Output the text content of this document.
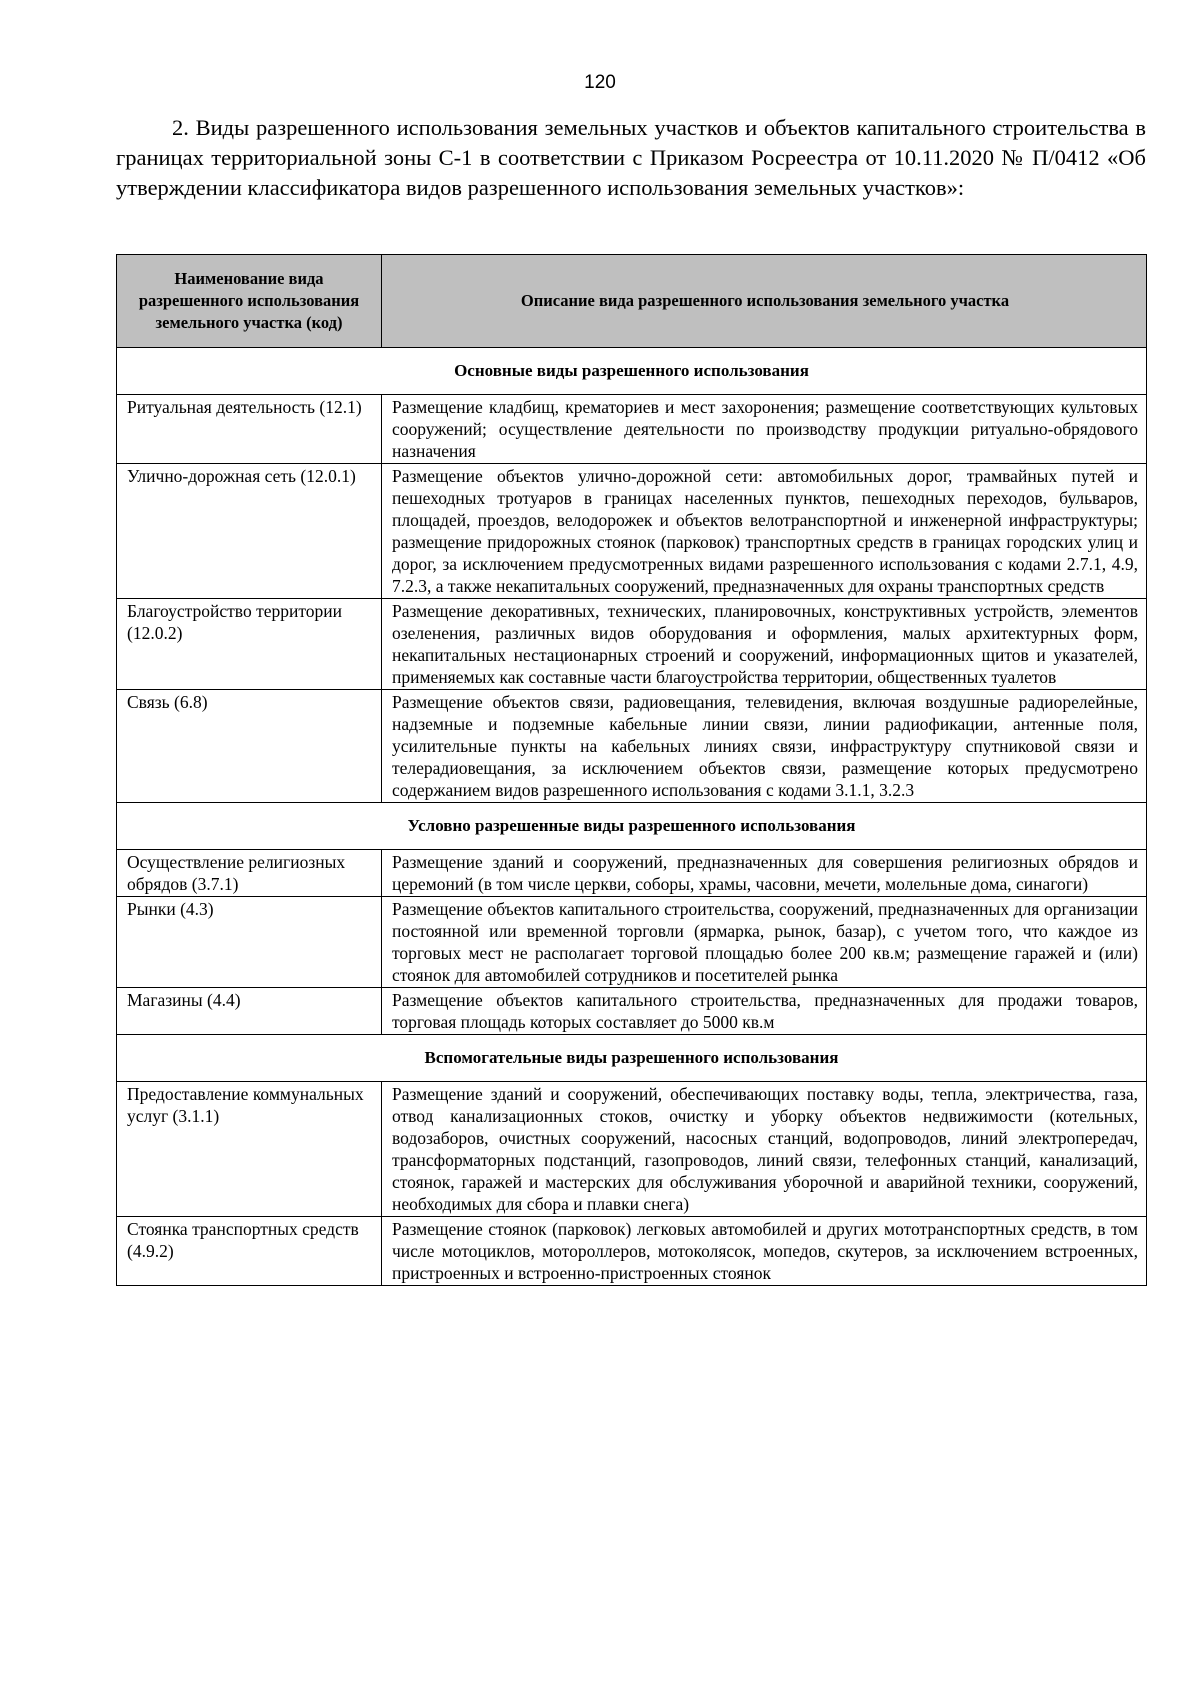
120

2. Виды разрешенного использования земельных участков и объектов капитального строительства в границах территориальной зоны С-1 в соответствии с Приказом Росреестра от 10.11.2020 № П/0412 «Об утверждении классификатора видов разрешенного использования земельных участков»:

Наименование вида разрешенного использования земельного участка (код)	Описание вида разрешенного использования земельного участка
Основные виды разрешенного использования	
Ритуальная деятельность (12.1)	Размещение кладбищ, крематориев и мест захоронения; размещение соответствующих культовых сооружений; осуществление деятельности по производству продукции ритуально-обрядового назначения
Улично-дорожная сеть (12.0.1)	Размещение объектов улично-дорожной сети: автомобильных дорог, трамвайных путей и пешеходных тротуаров в границах населенных пунктов, пешеходных переходов, бульваров, площадей, проездов, велодорожек и объектов велотранспортной и инженерной инфраструктуры; размещение придорожных стоянок (парковок) транспортных средств в границах городских улиц и дорог, за исключением предусмотренных видами разрешенного использования с кодами 2.7.1, 4.9, 7.2.3, а также некапитальных сооружений, предназначенных для охраны транспортных средств
Благоустройство территории (12.0.2)	Размещение декоративных, технических, планировочных, конструктивных устройств, элементов озеленения, различных видов оборудования и оформления, малых архитектурных форм, некапитальных нестационарных строений и сооружений, информационных щитов и указателей, применяемых как составные части благоустройства территории, общественных туалетов
Связь (6.8)	Размещение объектов связи, радиовещания, телевидения, включая воздушные радиорелейные, надземные и подземные кабельные линии связи, линии радиофикации, антенные поля, усилительные пункты на кабельных линиях связи, инфраструктуру спутниковой связи и телерадиовещания, за исключением объектов связи, размещение которых предусмотрено содержанием видов разрешенного использования с кодами 3.1.1, 3.2.3
Условно разрешенные виды разрешенного использования	
Осуществление религиозных обрядов (3.7.1)	Размещение зданий и сооружений, предназначенных для совершения религиозных обрядов и церемоний (в том числе церкви, соборы, храмы, часовни, мечети, молельные дома, синагоги)
Рынки (4.3)	Размещение объектов капитального строительства, сооружений, предназначенных для организации постоянной или временной торговли (ярмарка, рынок, базар), с учетом того, что каждое из торговых мест не располагает торговой площадью более 200 кв.м; размещение гаражей и (или) стоянок для автомобилей сотрудников и посетителей рынка
Магазины (4.4)	Размещение объектов капитального строительства, предназначенных для продажи товаров, торговая площадь которых составляет до 5000 кв.м
Вспомогательные виды разрешенного использования	
Предоставление коммунальных услуг (3.1.1)	Размещение зданий и сооружений, обеспечивающих поставку воды, тепла, электричества, газа, отвод канализационных стоков, очистку и уборку объектов недвижимости (котельных, водозаборов, очистных сооружений, насосных станций, водопроводов, линий электропередач, трансформаторных подстанций, газопроводов, линий связи, телефонных станций, канализаций, стоянок, гаражей и мастерских для обслуживания уборочной и аварийной техники, сооружений, необходимых для сбора и плавки снега)
Стоянка транспортных средств (4.9.2)	Размещение стоянок (парковок) легковых автомобилей и других мототранспортных средств, в том числе мотоциклов, мотороллеров, мотоколясок, мопедов, скутеров, за исключением встроенных, пристроенных и встроенно-пристроенных стоянок
